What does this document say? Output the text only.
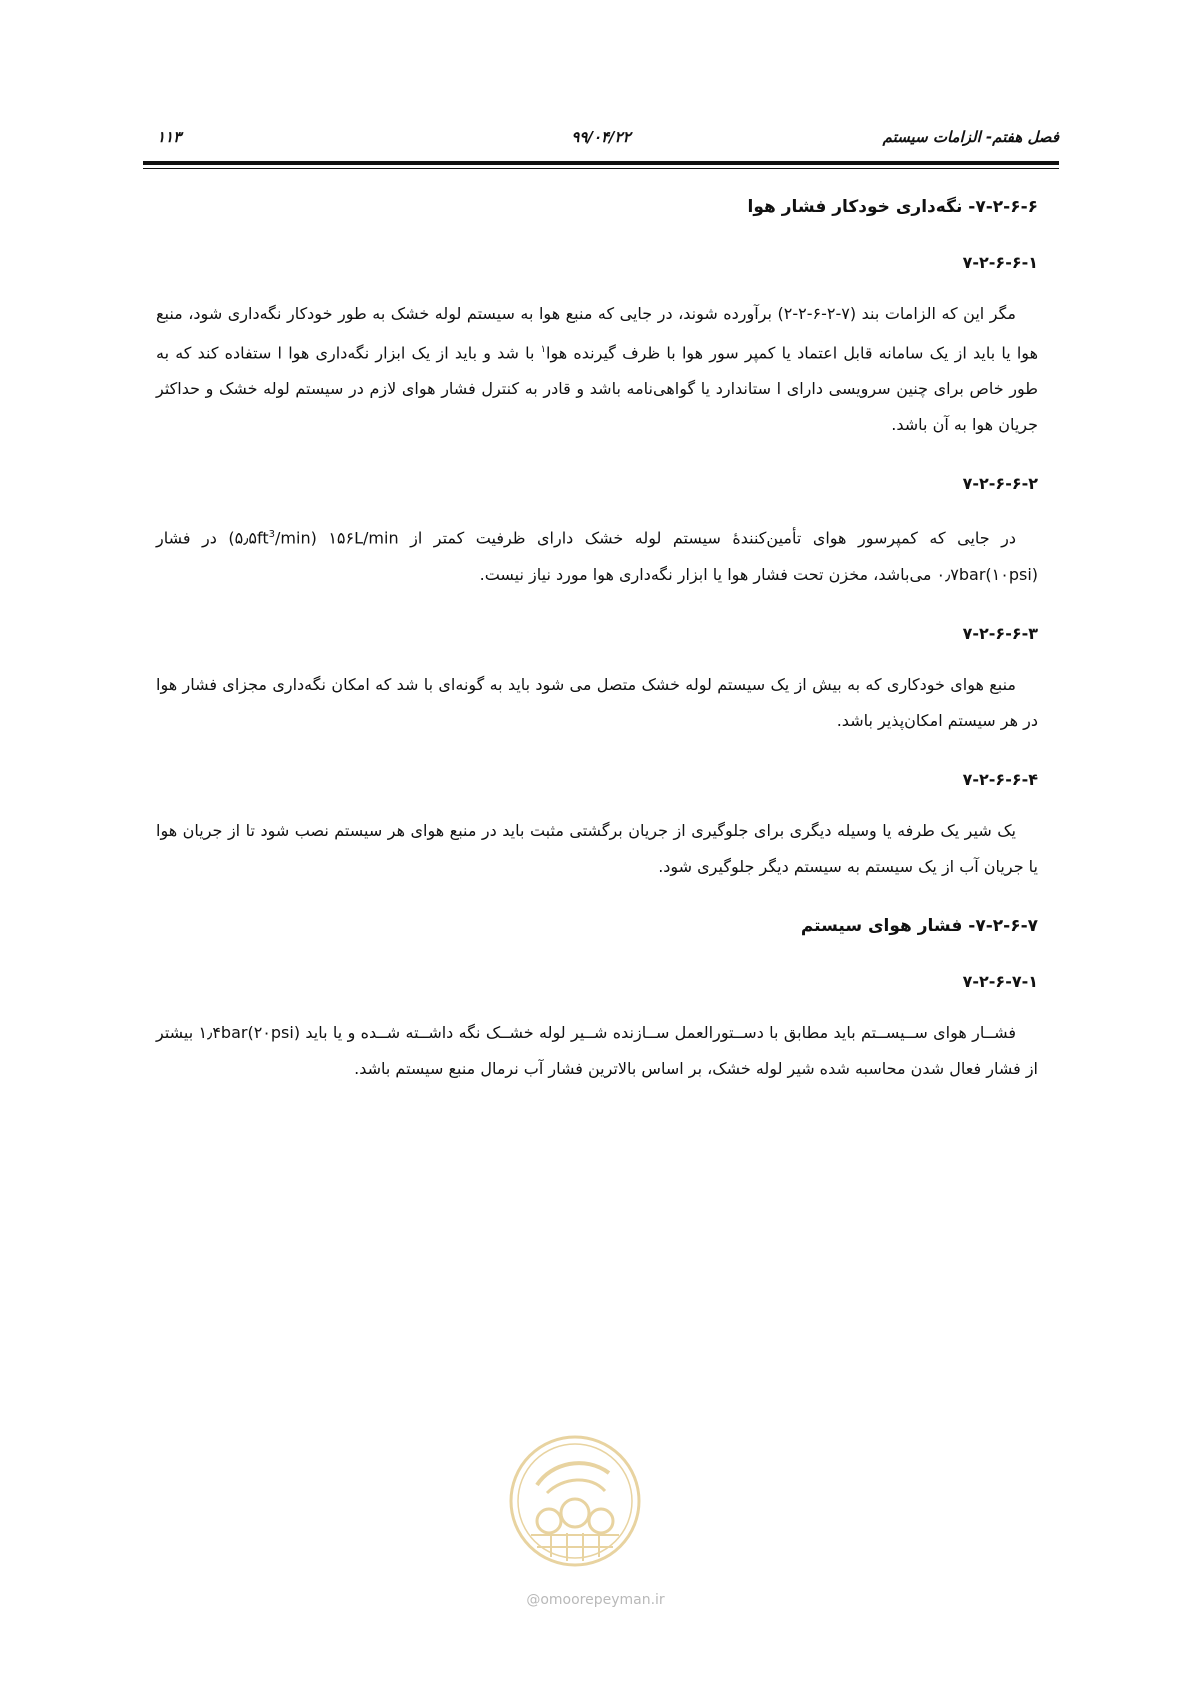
فصل هفتم- الزامات سیستم
۹۹/۰۴/۲۲
۱۱۳
۷-۲-۶-۶- نگه‌داری خودکار فشار هوا
۷-۲-۶-۶-۱

مگر این که الزامات بند (۷-۲-۶-۲-۲) برآورده شوند، در جایی که منبع هوا به سیستم لوله خشک به طور خودکار نگه‌داری شود، منبع هوا یا باید از یک سامانه قابل اعتماد یا کمپر سور هوا با ظرف گیرنده هوا$^۱$ با شد و باید از یک ابزار نگه‌داری هوا ا ستفاده کند که به طور خاص برای چنین سرویسی دارای ا ستاندارد یا گواهی‌نامه باشد و قادر به کنترل فشار هوای لازم در سیستم لوله خشک و حداکثر جریان هوا به آن باشد.

۷-۲-۶-۶-۲

در جایی که کمپرسور هوای تأمین‌کنندهٔ سیستم لوله خشک دارای ظرفیت کمتر از ۱۵۶L/min $(۵٫۵ft^3/\min)$ در فشار ۰٫۷bar(۱۰psi) می‌باشد، مخزن تحت فشار هوا یا ابزار نگه‌داری هوا مورد نیاز نیست.

۷-۲-۶-۶-۳

منبع هوای خودکاری که به بیش از یک سیستم لوله خشک متصل می شود باید به گونه‌ای با شد که امکان نگه‌داری مجزای فشار هوا در هر سیستم امکان‌پذیر باشد.

۷-۲-۶-۶-۴

یک شیر یک طرفه یا وسیله دیگری برای جلوگیری از جریان برگشتی مثبت باید در منبع هوای هر سیستم نصب شود تا از جریان هوا یا جریان آب از یک سیستم به سیستم دیگر جلوگیری شود.

۷-۲-۶-۷- فشار هوای سیستم
۷-۲-۶-۷-۱

فشــار هوای ســیســتم باید مطابق با دســتورالعمل ســازنده شــیر لوله خشــک نگه داشــته شــده و یا باید ۱٫۴bar(۲۰psi) بیشتر از فشار فعال شدن محاسبه شده شیر لوله خشک، بر اساس بالاترین فشار آب نرمال منبع سیستم باشد.

@omoorepeyman.ir
